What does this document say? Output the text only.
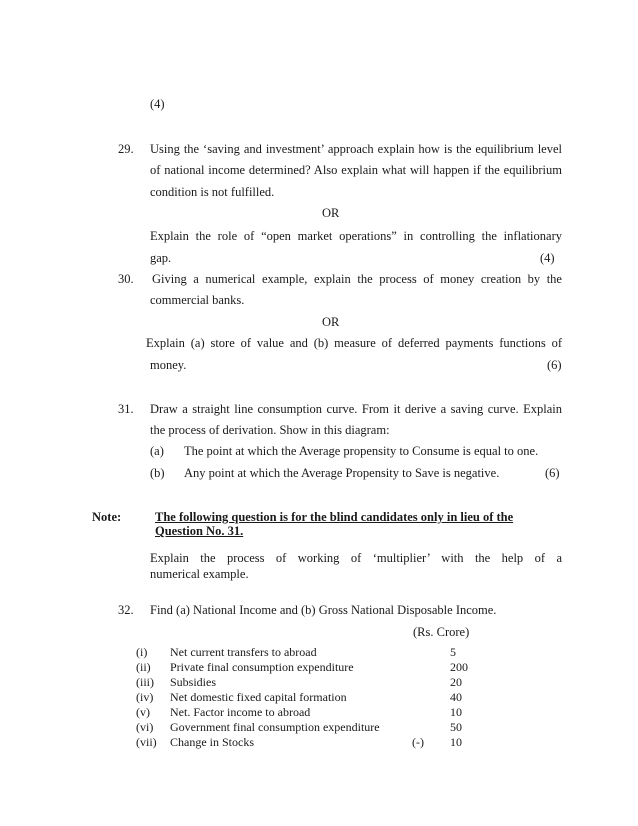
(4)
29. Using the ‘saving and investment’ approach explain how is the equilibrium level
of national income determined? Also explain what will happen if the equilibrium
condition is not fulfilled.
OR
Explain the role of “open market operations” in controlling the inflationary
gap.	(4)
30. Giving a numerical example, explain the process of money creation by the
commercial banks.
OR
Explain (a) store of value and (b) measure of deferred payments functions of
money.	(6)
31. Draw a straight line consumption curve. From it derive a saving curve. Explain
the process of derivation. Show in this diagram:
(a) The point at which the Average propensity to Consume is equal to one.
(b) Any point at which the Average Propensity to Save is negative.	(6)
Note:	The following question is for the blind candidates only in lieu of the
Question No. 31.
Explain the process of working of ‘multiplier’ with the help of a
numerical example.
32. Find (a) National Income and (b) Gross National Disposable Income.
(Rs. Crore)
(i) Net current transfers to abroad	5
(ii) Private final consumption expenditure	200
(iii) Subsidies	20
(iv) Net domestic fixed capital formation	40
(v) Net. Factor income to abroad	10
(vi) Government final consumption expenditure	50
(vii) Change in Stocks	(-) 10
